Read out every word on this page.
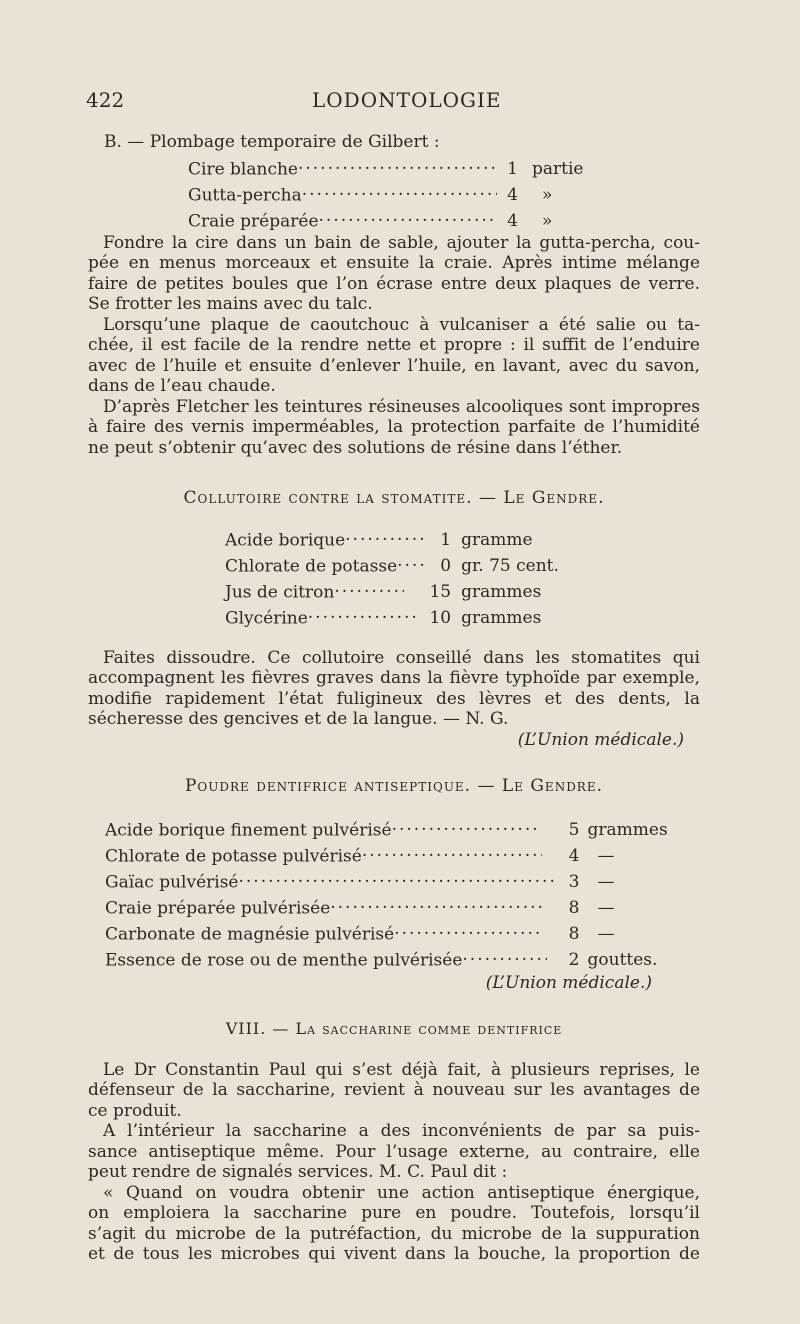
422	LODONTOLOGIE

B. — Plombage temporaire de Gilbert :

Cire blanche.....	1	partie
Gutta-percha.....	4	»
Craie préparée.....	4	»

Fondre la cire dans un bain de sable, ajouter la gutta-percha, cou-

pée en menus morceaux et ensuite la craie. Après intime mélange

faire de petites boules que l’on écrase entre deux plaques de verre.

Se frotter les mains avec du talc.

Lorsqu’une plaque de caoutchouc à vulcaniser a été salie ou ta-

chée, il est facile de la rendre nette et propre : il suffit de l’enduire

avec de l’huile et ensuite d’enlever l’huile, en lavant, avec du savon,

dans de l’eau chaude.

D’après Fletcher les teintures résineuses alcooliques sont impropres

à faire des vernis imperméables, la protection parfaite de l’humidité

ne peut s’obtenir qu’avec des solutions de résine dans l’éther.

Collutoire contre la stomatite. — Le Gendre.

Acide borique.....	1	gramme
Chlorate de potasse.....	0	gr. 75 cent.
Jus de citron.....	15	grammes
Glycérine.....	10	grammes

Faites dissoudre. Ce collutoire conseillé dans les stomatites qui

accompagnent les fièvres graves dans la fièvre typhoïde par exemple,

modifie rapidement l’état fuligineux des lèvres et des dents, la

sécheresse des gencives et de la langue. — N. G.

(L’Union médicale.)

Poudre dentifrice antiseptique. — Le Gendre.

Acide borique finement pulvérisé.....	5	grammes
Chlorate de potasse pulvérisé.....	4	—
Gaïac pulvérisé.....	3	—
Craie préparée pulvérisée.....	8	—
Carbonate de magnésie pulvérisé.....	8	—
Essence de rose ou de menthe pulvérisée.....	2	gouttes.

(L’Union médicale.)

VIII. — La saccharine comme dentifrice

Le Dr Constantin Paul qui s’est déjà fait, à plusieurs reprises, le

défenseur de la saccharine, revient à nouveau sur les avantages de

ce produit.

A l’intérieur la saccharine a des inconvénients de par sa puis-

sance antiseptique même. Pour l’usage externe, au contraire, elle

peut rendre de signalés services. M. C. Paul dit :

« Quand on voudra obtenir une action antiseptique énergique,

on emploiera la saccharine pure en poudre. Toutefois, lorsqu’il

s’agit du microbe de la putréfaction, du microbe de la suppuration

et de tous les microbes qui vivent dans la bouche, la proportion de
